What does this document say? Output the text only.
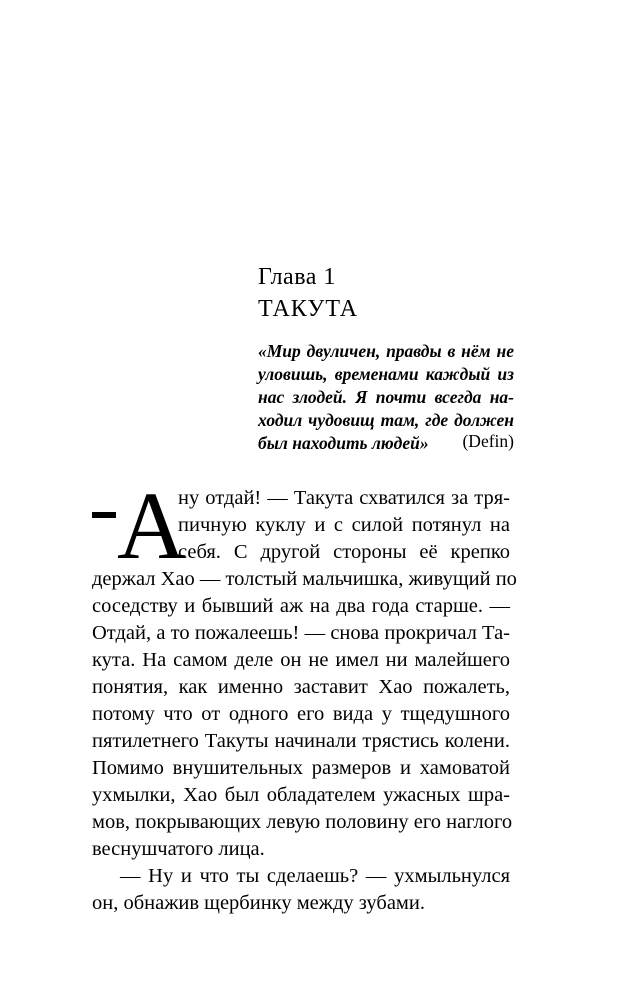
Глава 1
ТАКУТА
«Мир двуличен, правды в нём не
уловишь, временами каждый из
нас злодей. Я почти всегда на-
ходил чудовищ там, где должен
был находить людей»	(Defin)
А
ну отдай! — Такута схватился за тря-
пичную куклу и с силой потянул на
себя. С другой стороны её крепко
держал Хао — толстый мальчишка, живущий по
соседству и бывший аж на два года старше. —
Отдай, а то пожалеешь! — снова прокричал Та-
кута. На самом деле он не имел ни малейшего
понятия, как именно заставит Хао пожалеть,
потому что от одного его вида у тщедушного
пятилетнего Такуты начинали трястись колени.
Помимо внушительных размеров и хамоватой
ухмылки, Хао был обладателем ужасных шра-
мов, покрывающих левую половину его наглого
веснушчатого лица.
— Ну и что ты сделаешь? — ухмыльнулся
он, обнажив щербинку между зубами.
